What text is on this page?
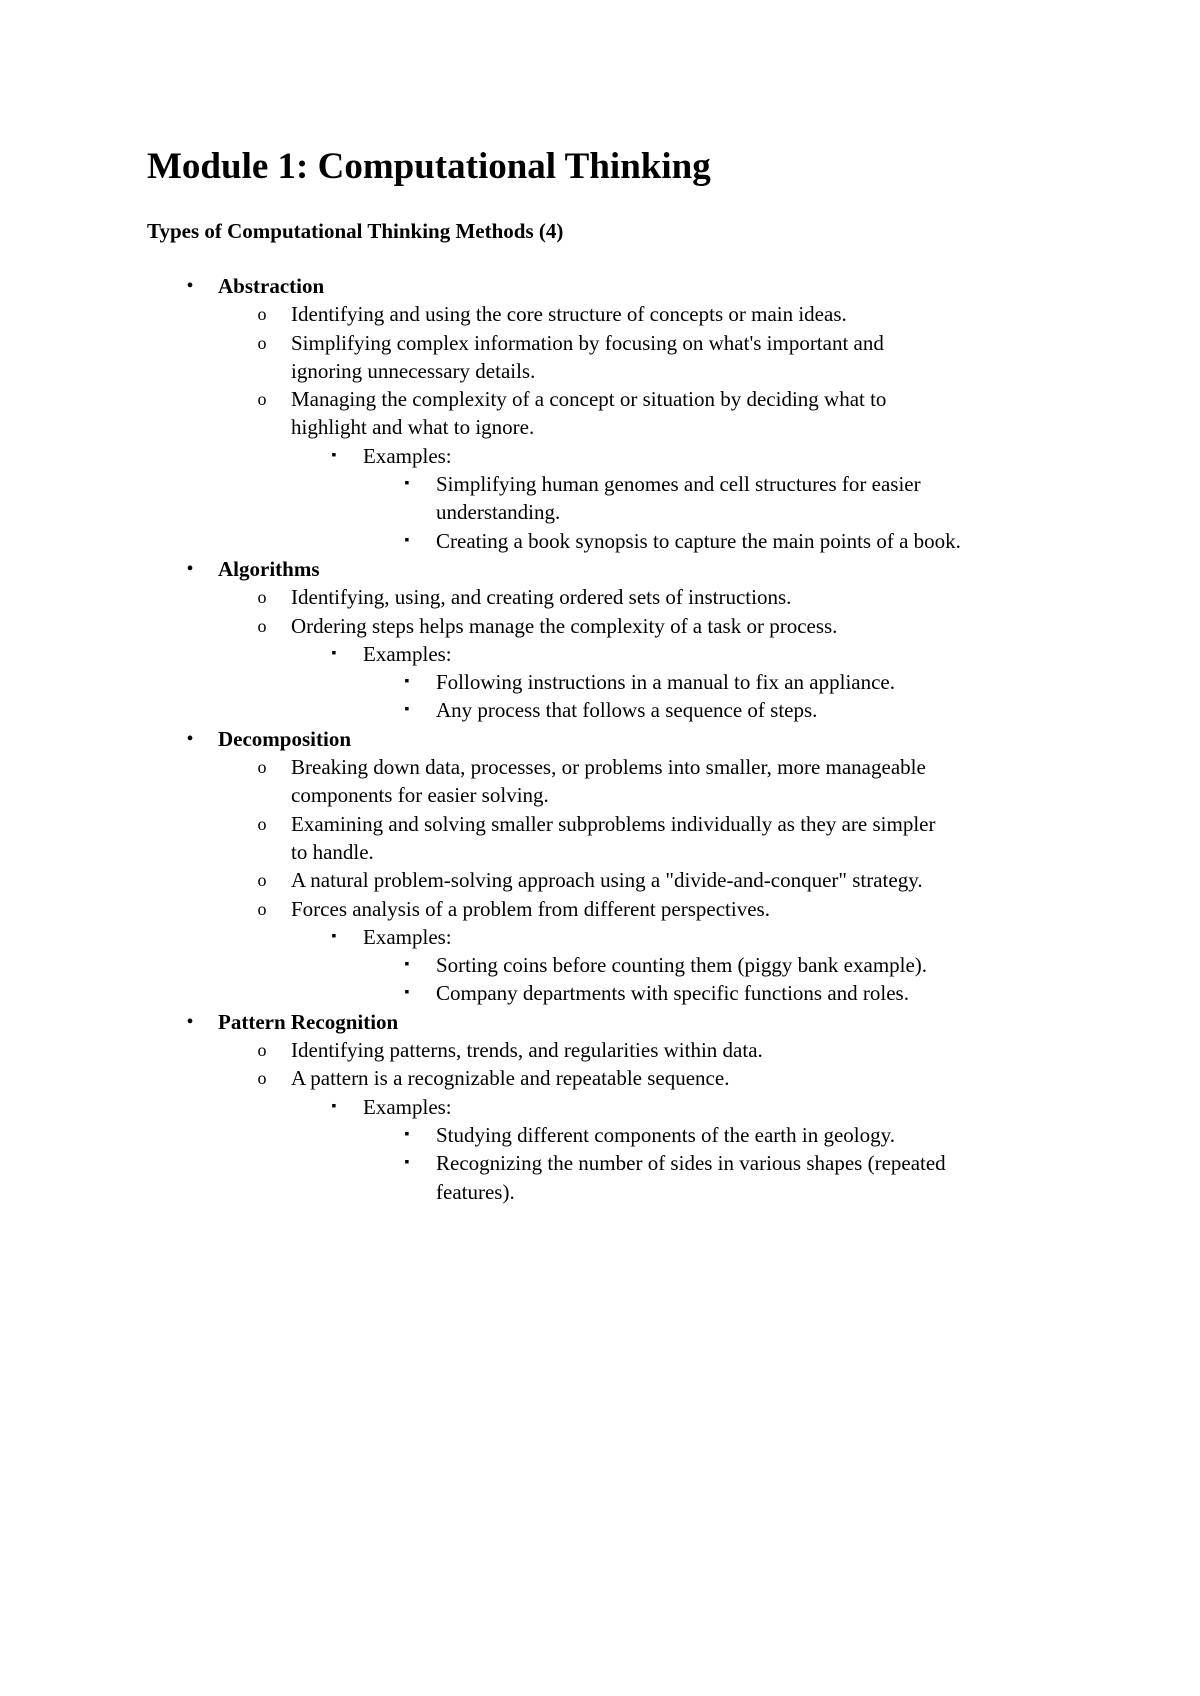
Module 1: Computational Thinking
Types of Computational Thinking Methods (4)
•	Abstraction
o Identifying and using the core structure of concepts or main ideas.
o Simplifying complex information by focusing on what's important and
ignoring unnecessary details.
o Managing the complexity of a concept or situation by deciding what to
highlight and what to ignore.
▪	Examples:
▪	Simplifying human genomes and cell structures for easier
understanding.
▪	Creating a book synopsis to capture the main points of a book.
•	Algorithms
o Identifying, using, and creating ordered sets of instructions.
o Ordering steps helps manage the complexity of a task or process.
▪	Examples:
▪	Following instructions in a manual to fix an appliance.
▪	Any process that follows a sequence of steps.
•	Decomposition
o Breaking down data, processes, or problems into smaller, more manageable
components for easier solving.
o Examining and solving smaller subproblems individually as they are simpler
to handle.
o A natural problem-solving approach using a "divide-and-conquer" strategy.
o Forces analysis of a problem from different perspectives.
▪	Examples:
▪	Sorting coins before counting them (piggy bank example).
▪	Company departments with specific functions and roles.
•	Pattern Recognition
o Identifying patterns, trends, and regularities within data.
o A pattern is a recognizable and repeatable sequence.
▪	Examples:
▪	Studying different components of the earth in geology.
▪	Recognizing the number of sides in various shapes (repeated
features).
